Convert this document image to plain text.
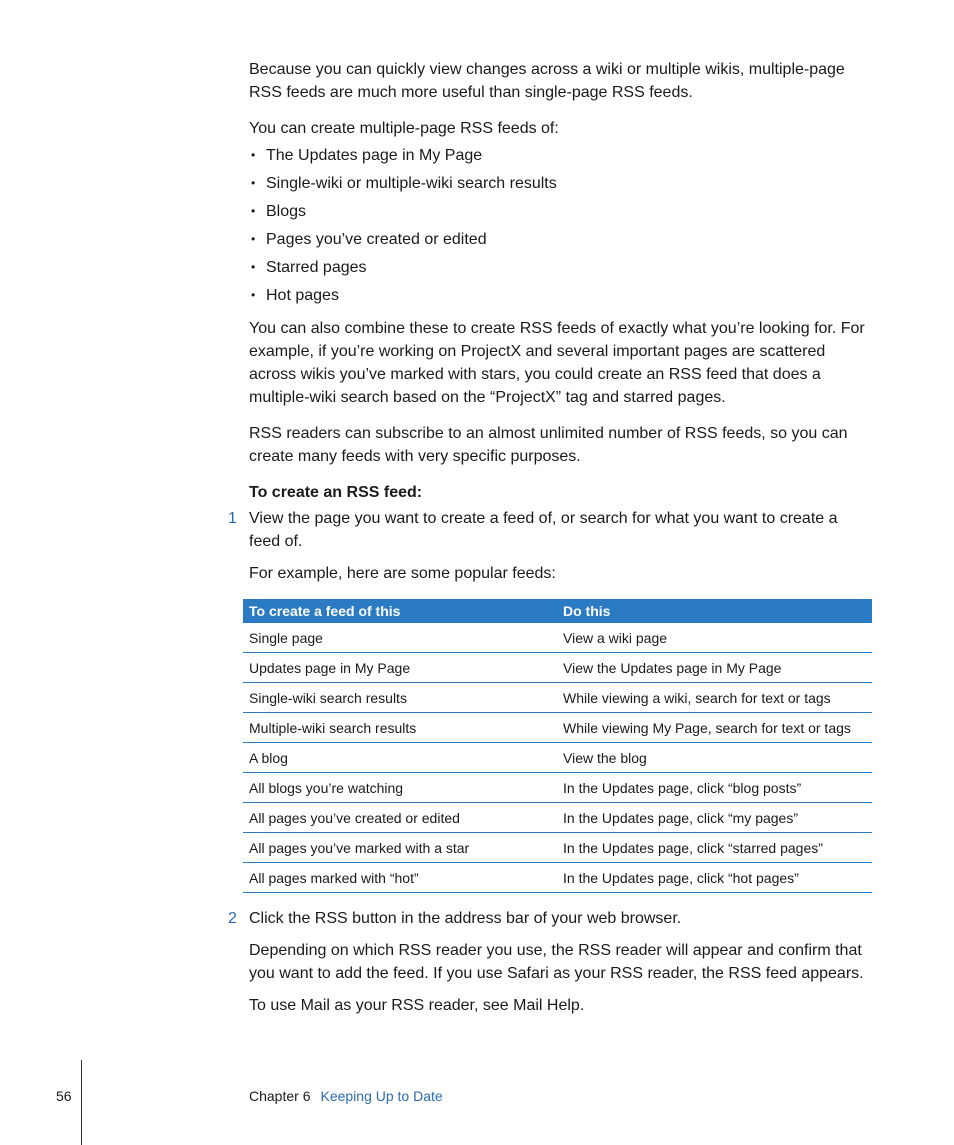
Because you can quickly view changes across a wiki or multiple wikis, multiple-page RSS feeds are much more useful than single-page RSS feeds.

You can create multiple-page RSS feeds of:

• The Updates page in My Page
• Single-wiki or multiple-wiki search results
• Blogs
• Pages you’ve created or edited
• Starred pages
• Hot pages

You can also combine these to create RSS feeds of exactly what you’re looking for. For example, if you’re working on ProjectX and several important pages are scattered across wikis you’ve marked with stars, you could create an RSS feed that does a multiple-wiki search based on the “ProjectX” tag and starred pages.

RSS readers can subscribe to an almost unlimited number of RSS feeds, so you can create many feeds with very specific purposes.

To create an RSS feed:

1 View the page you want to create a feed of, or search for what you want to create a feed of.

For example, here are some popular feeds:

To create a feed of this	Do this
Single page	View a wiki page
Updates page in My Page	View the Updates page in My Page
Single-wiki search results	While viewing a wiki, search for text or tags
Multiple-wiki search results	While viewing My Page, search for text or tags
A blog	View the blog
All blogs you’re watching	In the Updates page, click “blog posts”
All pages you’ve created or edited	In the Updates page, click “my pages”
All pages you’ve marked with a star	In the Updates page, click “starred pages”
All pages marked with “hot”	In the Updates page, click “hot pages”

2 Click the RSS button in the address bar of your web browser.

Depending on which RSS reader you use, the RSS reader will appear and confirm that you want to add the feed. If you use Safari as your RSS reader, the RSS feed appears.

To use Mail as your RSS reader, see Mail Help.

56	Chapter 6 Keeping Up to Date
